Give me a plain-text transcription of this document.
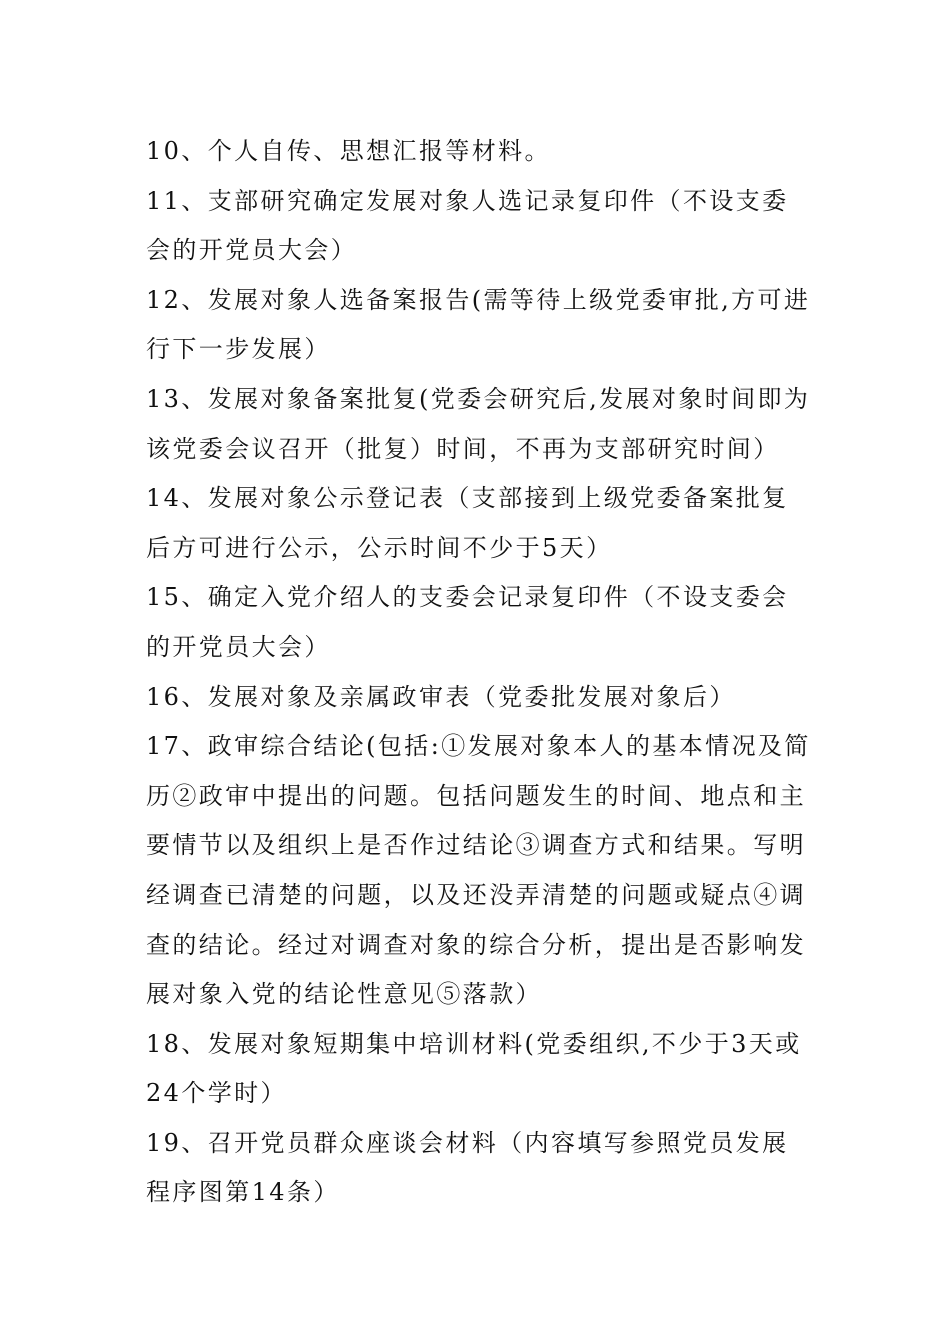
10、个人自传、思想汇报等材料。

11、支部研究确定发展对象人选记录复印件（不设支委会的开党员大会）

12、发展对象人选备案报告(需等待上级党委审批,方可进行下一步发展）

13、发展对象备案批复(党委会研究后,发展对象时间即为该党委会议召开（批复）时间，不再为支部研究时间）

14、发展对象公示登记表（支部接到上级党委备案批复后方可进行公示，公示时间不少于5天）

15、确定入党介绍人的支委会记录复印件（不设支委会的开党员大会）

16、发展对象及亲属政审表（党委批发展对象后）

17、政审综合结论(包括:①发展对象本人的基本情况及简历②政审中提出的问题。包括问题发生的时间、地点和主要情节以及组织上是否作过结论③调查方式和结果。写明经调查已清楚的问题，以及还没弄清楚的问题或疑点④调查的结论。经过对调查对象的综合分析，提出是否影响发展对象入党的结论性意见⑤落款）

18、发展对象短期集中培训材料(党委组织,不少于3天或24个学时）

19、召开党员群众座谈会材料（内容填写参照党员发展程序图第14条）
